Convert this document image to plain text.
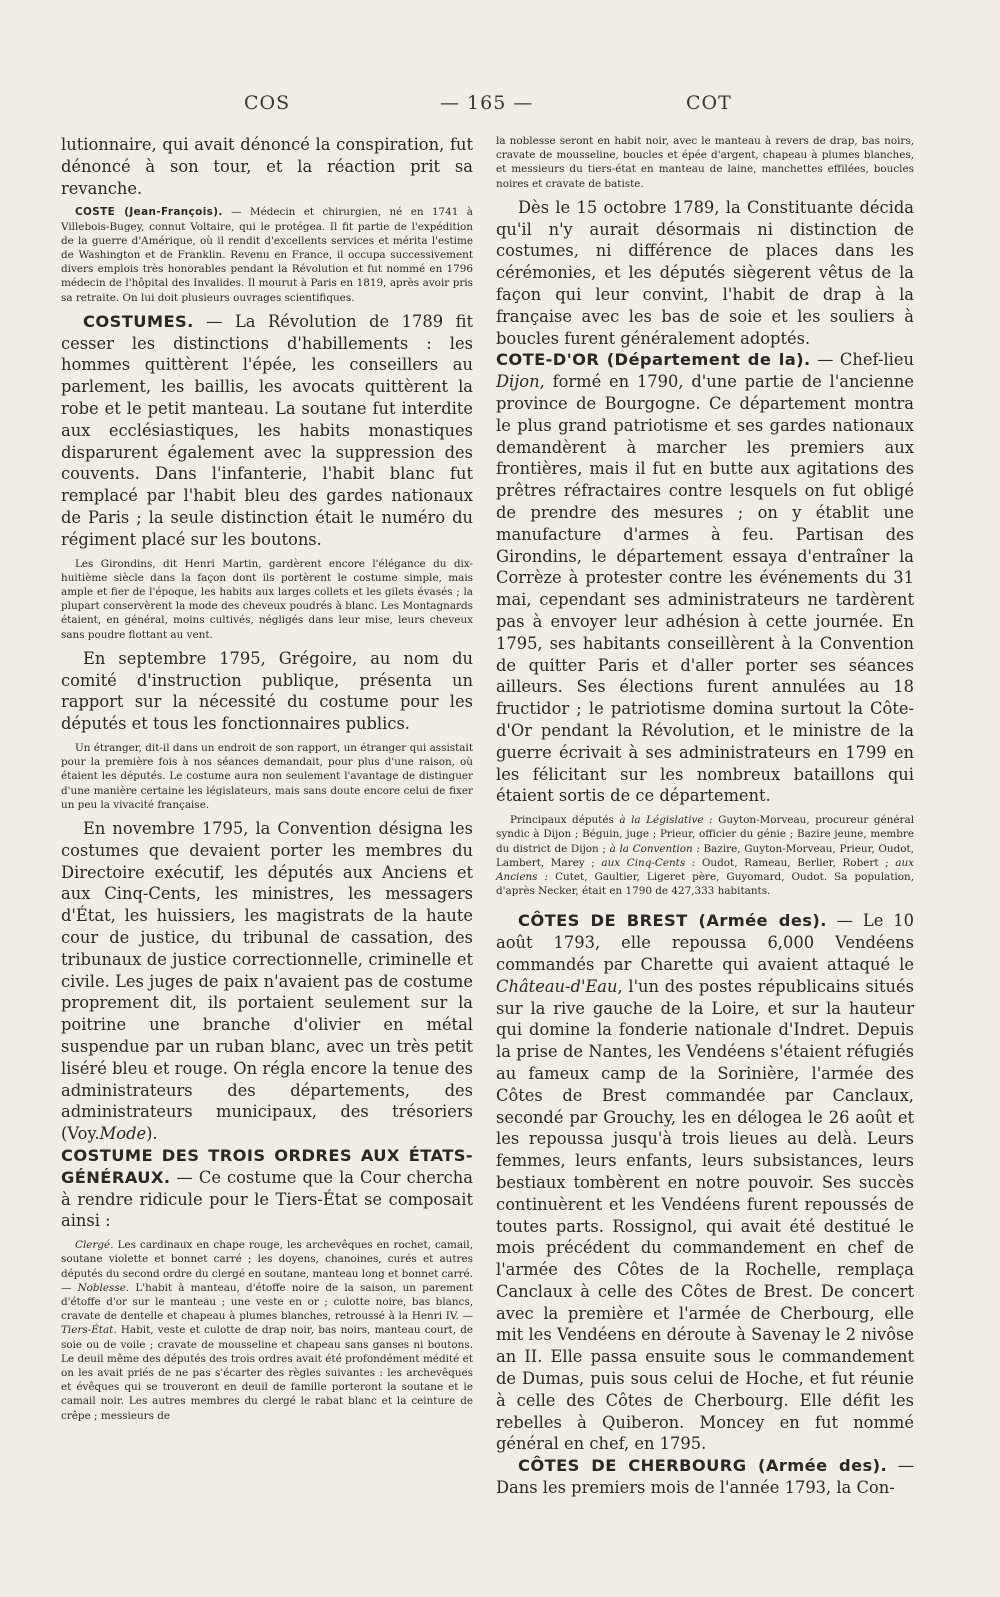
COS	— 165 —	COT

lutionnaire, qui avait dénoncé la conspiration, fut dénoncé à son tour, et la réaction prit sa revanche.

COSTE (Jean-François). — Médecin et chirurgien, né en 1741 à Villebois-Bugey, connut Voltaire, qui le protégea. Il fit partie de l'expédition de la guerre d'Amérique, où il rendit d'excellents services et mérita l'estime de Washington et de Franklin. Revenu en France, il occupa successivement divers emplois très honorables pendant la Révolution et fut nommé en 1796 médecin de l'hôpital des Invalides. Il mourut à Paris en 1819, après avoir pris sa retraite. On lui doit plusieurs ouvrages scientifiques.

COSTUMES. — La Révolution de 1789 fit cesser les distinctions d'habillements : les hommes quittèrent l'épée, les conseillers au parlement, les baillis, les avocats quittèrent la robe et le petit manteau. La soutane fut interdite aux ecclésiastiques, les habits monastiques disparurent également avec la suppression des couvents. Dans l'infanterie, l'habit blanc fut remplacé par l'habit bleu des gardes nationaux de Paris ; la seule distinction était le numéro du régiment placé sur les boutons.

Les Girondins, dit Henri Martin, gardèrent encore l'élégance du dix-huitième siècle dans la façon dont ils portèrent le costume simple, mais ample et fier de l'époque, les habits aux larges collets et les gilets évasés ; la plupart conservèrent la mode des cheveux poudrés à blanc. Les Montagnards étaient, en général, moins cultivés, négligés dans leur mise, leurs cheveux sans poudre flottant au vent.

En septembre 1795, Grégoire, au nom du comité d'instruction publique, présenta un rapport sur la nécessité du costume pour les députés et tous les fonctionnaires publics.

Un étranger, dit-il dans un endroit de son rapport, un étranger qui assistait pour la première fois à nos séances demandait, pour plus d'une raison, où étaient les députés. Le costume aura non seulement l'avantage de distinguer d'une manière certaine les législateurs, mais sans doute encore celui de fixer un peu la vivacité française.

En novembre 1795, la Convention désigna les costumes que devaient porter les membres du Directoire exécutif, les députés aux Anciens et aux Cinq-Cents, les ministres, les messagers d'État, les huissiers, les magistrats de la haute cour de justice, du tribunal de cassation, des tribunaux de justice correctionnelle, criminelle et civile. Les juges de paix n'avaient pas de costume proprement dit, ils portaient seulement sur la poitrine une branche d'olivier en métal suspendue par un ruban blanc, avec un très petit liséré bleu et rouge. On régla encore la tenue des administrateurs des départements, des administrateurs municipaux, des trésoriers (Voy.Mode).

COSTUME DES TROIS ORDRES AUX ÉTATS-GÉNÉRAUX. — Ce costume que la Cour chercha à rendre ridicule pour le Tiers-État se composait ainsi :

Clergé. Les cardinaux en chape rouge, les archevêques en rochet, camail, soutane violette et bonnet carré ; les doyens, chanoines, curés et autres députés du second ordre du clergé en soutane, manteau long et bonnet carré. — Noblesse. L'habit à manteau, d'étoffe noire de la saison, un parement d'étoffe d'or sur le manteau ; une veste en or ; culotte noire, bas blancs, cravate de dentelle et chapeau à plumes blanches, retroussé à la Henri IV. — Tiers-État. Habit, veste et culotte de drap noir, bas noirs, manteau court, de soie ou de voile ; cravate de mousseline et chapeau sans ganses ni boutons. Le deuil même des députés des trois ordres avait été profondément médité et on les avait priés de ne pas s'écarter des règles suivantes : les archevêques et évêques qui se trouveront en deuil de famille porteront la soutane et le camail noir. Les autres membres du clergé le rabat blanc et la ceinture de crêpe ; messieurs de

la noblesse seront en habit noir, avec le manteau à revers de drap, bas noirs, cravate de mousseline, boucles et épée d'argent, chapeau à plumes blanches, et messieurs du tiers-état en manteau de laine, manchettes effilées, boucles noires et cravate de batiste.

Dès le 15 octobre 1789, la Constituante décida qu'il n'y aurait désormais ni distinction de costumes, ni différence de places dans les cérémonies, et les députés siègerent vêtus de la façon qui leur convint, l'habit de drap à la française avec les bas de soie et les souliers à boucles furent généralement adoptés.

COTE-D'OR (Département de la). — Chef-lieu Dijon, formé en 1790, d'une partie de l'ancienne province de Bourgogne. Ce département montra le plus grand patriotisme et ses gardes nationaux demandèrent à marcher les premiers aux frontières, mais il fut en butte aux agitations des prêtres réfractaires contre lesquels on fut obligé de prendre des mesures ; on y établit une manufacture d'armes à feu. Partisan des Girondins, le département essaya d'entraîner la Corrèze à protester contre les événements du 31 mai, cependant ses administrateurs ne tardèrent pas à envoyer leur adhésion à cette journée. En 1795, ses habitants conseillèrent à la Convention de quitter Paris et d'aller porter ses séances ailleurs. Ses élections furent annulées au 18 fructidor ; le patriotisme domina surtout la Côte-d'Or pendant la Révolution, et le ministre de la guerre écrivait à ses administrateurs en 1799 en les félicitant sur les nombreux bataillons qui étaient sortis de ce département.

Principaux députés à la Législative : Guyton-Morveau, procureur général syndic à Dijon ; Béguin, juge ; Prieur, officier du génie ; Bazire jeune, membre du district de Dijon ; à la Convention : Bazire, Guyton-Morveau, Prieur, Oudot, Lambert, Marey ; aux Cinq-Cents : Oudot, Rameau, Berlier, Robert ; aux Anciens : Cutet, Gaultier, Ligeret père, Guyomard, Oudot. Sa population, d'après Necker, était en 1790 de 427,333 habitants.

CÔTES DE BREST (Armée des). — Le 10 août 1793, elle repoussa 6,000 Vendéens commandés par Charette qui avaient attaqué le Château-d'Eau, l'un des postes républicains situés sur la rive gauche de la Loire, et sur la hauteur qui domine la fonderie nationale d'Indret. Depuis la prise de Nantes, les Vendéens s'étaient réfugiés au fameux camp de la Sorinière, l'armée des Côtes de Brest commandée par Canclaux, secondé par Grouchy, les en délogea le 26 août et les repoussa jusqu'à trois lieues au delà. Leurs femmes, leurs enfants, leurs subsistances, leurs bestiaux tombèrent en notre pouvoir. Ses succès continuèrent et les Vendéens furent repoussés de toutes parts. Rossignol, qui avait été destitué le mois précédent du commandement en chef de l'armée des Côtes de la Rochelle, remplaça Canclaux à celle des Côtes de Brest. De concert avec la première et l'armée de Cherbourg, elle mit les Vendéens en déroute à Savenay le 2 nivôse an II. Elle passa ensuite sous le commandement de Dumas, puis sous celui de Hoche, et fut réunie à celle des Côtes de Cherbourg. Elle défit les rebelles à Quiberon. Moncey en fut nommé général en chef, en 1795.

CÔTES DE CHERBOURG (Armée des). — Dans les premiers mois de l'année 1793, la Con-
